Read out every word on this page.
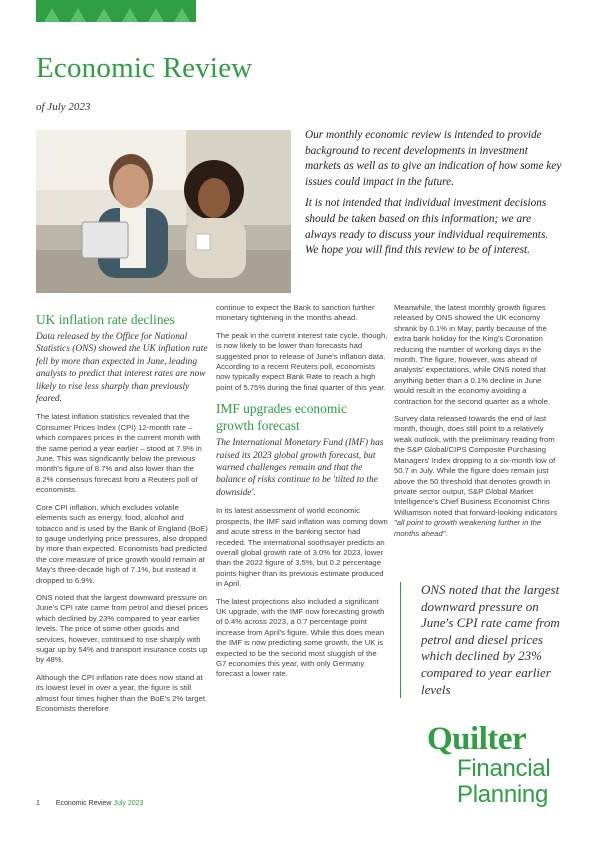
Economic Review
of July 2023

Our monthly economic review is intended to provide background to recent developments in investment markets as well as to give an indication of how some key issues could impact in the future.

It is not intended that individual investment decisions should be taken based on this information; we are always ready to discuss your individual requirements. We hope you will find this review to be of interest.

UK inflation rate declines

Data released by the Office for National Statistics (ONS) showed the UK inflation rate fell by more than expected in June, leading analysts to predict that interest rates are now likely to rise less sharply than previously feared.

The latest inflation statistics revealed that the Consumer Prices Index (CPI) 12-month rate – which compares prices in the current month with the same period a year earlier – stood at 7.9% in June. This was significantly below the previous month's figure of 8.7% and also lower than the 8.2% consensus forecast from a Reuters poll of economists.

Core CPI inflation, which excludes volatile elements such as energy, food, alcohol and tobacco and is used by the Bank of England (BoE) to gauge underlying price pressures, also dropped by more than expected. Economists had predicted the core measure of price growth would remain at May's three-decade high of 7.1%, but instead it dropped to 6.9%.

ONS noted that the largest downward pressure on June's CPI rate came from petrol and diesel prices which declined by 23% compared to year earlier levels. The price of some other goods and services, however, continued to rise sharply with sugar up by 54% and transport insurance costs up by 48%.

Although the CPI inflation rate does now stand at its lowest level in over a year, the figure is still almost four times higher than the BoE's 2% target. Economists therefore

continue to expect the Bank to sanction further monetary tightening in the months ahead.

The peak in the current interest rate cycle, though, is now likely to be lower than forecasts had suggested prior to release of June's inflation data. According to a recent Reuters poll, economists now typically expect Bank Rate to reach a high point of 5.75% during the final quarter of this year.

IMF upgrades economic growth forecast

The International Monetary Fund (IMF) has raised its 2023 global growth forecast, but warned challenges remain and that the balance of risks continue to be 'tilted to the downside'.

In its latest assessment of world economic prospects, the IMF said inflation was coming down and acute stress in the banking sector had receded. The international soothsayer predicts an overall global growth rate of 3.0% for 2023, lower than the 2022 figure of 3.5%, but 0.2 percentage points higher than its previous estimate produced in April.

The latest projections also included a significant UK upgrade, with the IMF now forecasting growth of 0.4% across 2023, a 0.7 percentage point increase from April's figure. While this does mean the IMF is now predicting some growth, the UK is expected to be the second most sluggish of the G7 economies this year, with only Germany forecast a lower rate.

Meanwhile, the latest monthly growth figures released by ONS showed the UK economy shrank by 0.1% in May, partly because of the extra bank holiday for the King's Coronation reducing the number of working days in the month. The figure, however, was ahead of analysts' expectations, while ONS noted that anything better than a 0.1% decline in June would result in the economy avoiding a contraction for the second quarter as a whole.

Survey data released towards the end of last month, though, does still point to a relatively weak outlook, with the preliminary reading from the S&P Global/CIPS Composite Purchasing Managers' Index dropping to a six-month low of 50.7 in July. While the figure does remain just above the 50 threshold that denotes growth in private sector output, S&P Global Market Intelligence's Chief Business Economist Chris Williamson noted that forward-looking indicators "all point to growth weakening further in the months ahead".

ONS noted that the largest downward pressure on June's CPI rate came from petrol and diesel prices which declined by 23% compared to year earlier levels
Quilter
Financial
Planning
1 Economic Review July 2023
